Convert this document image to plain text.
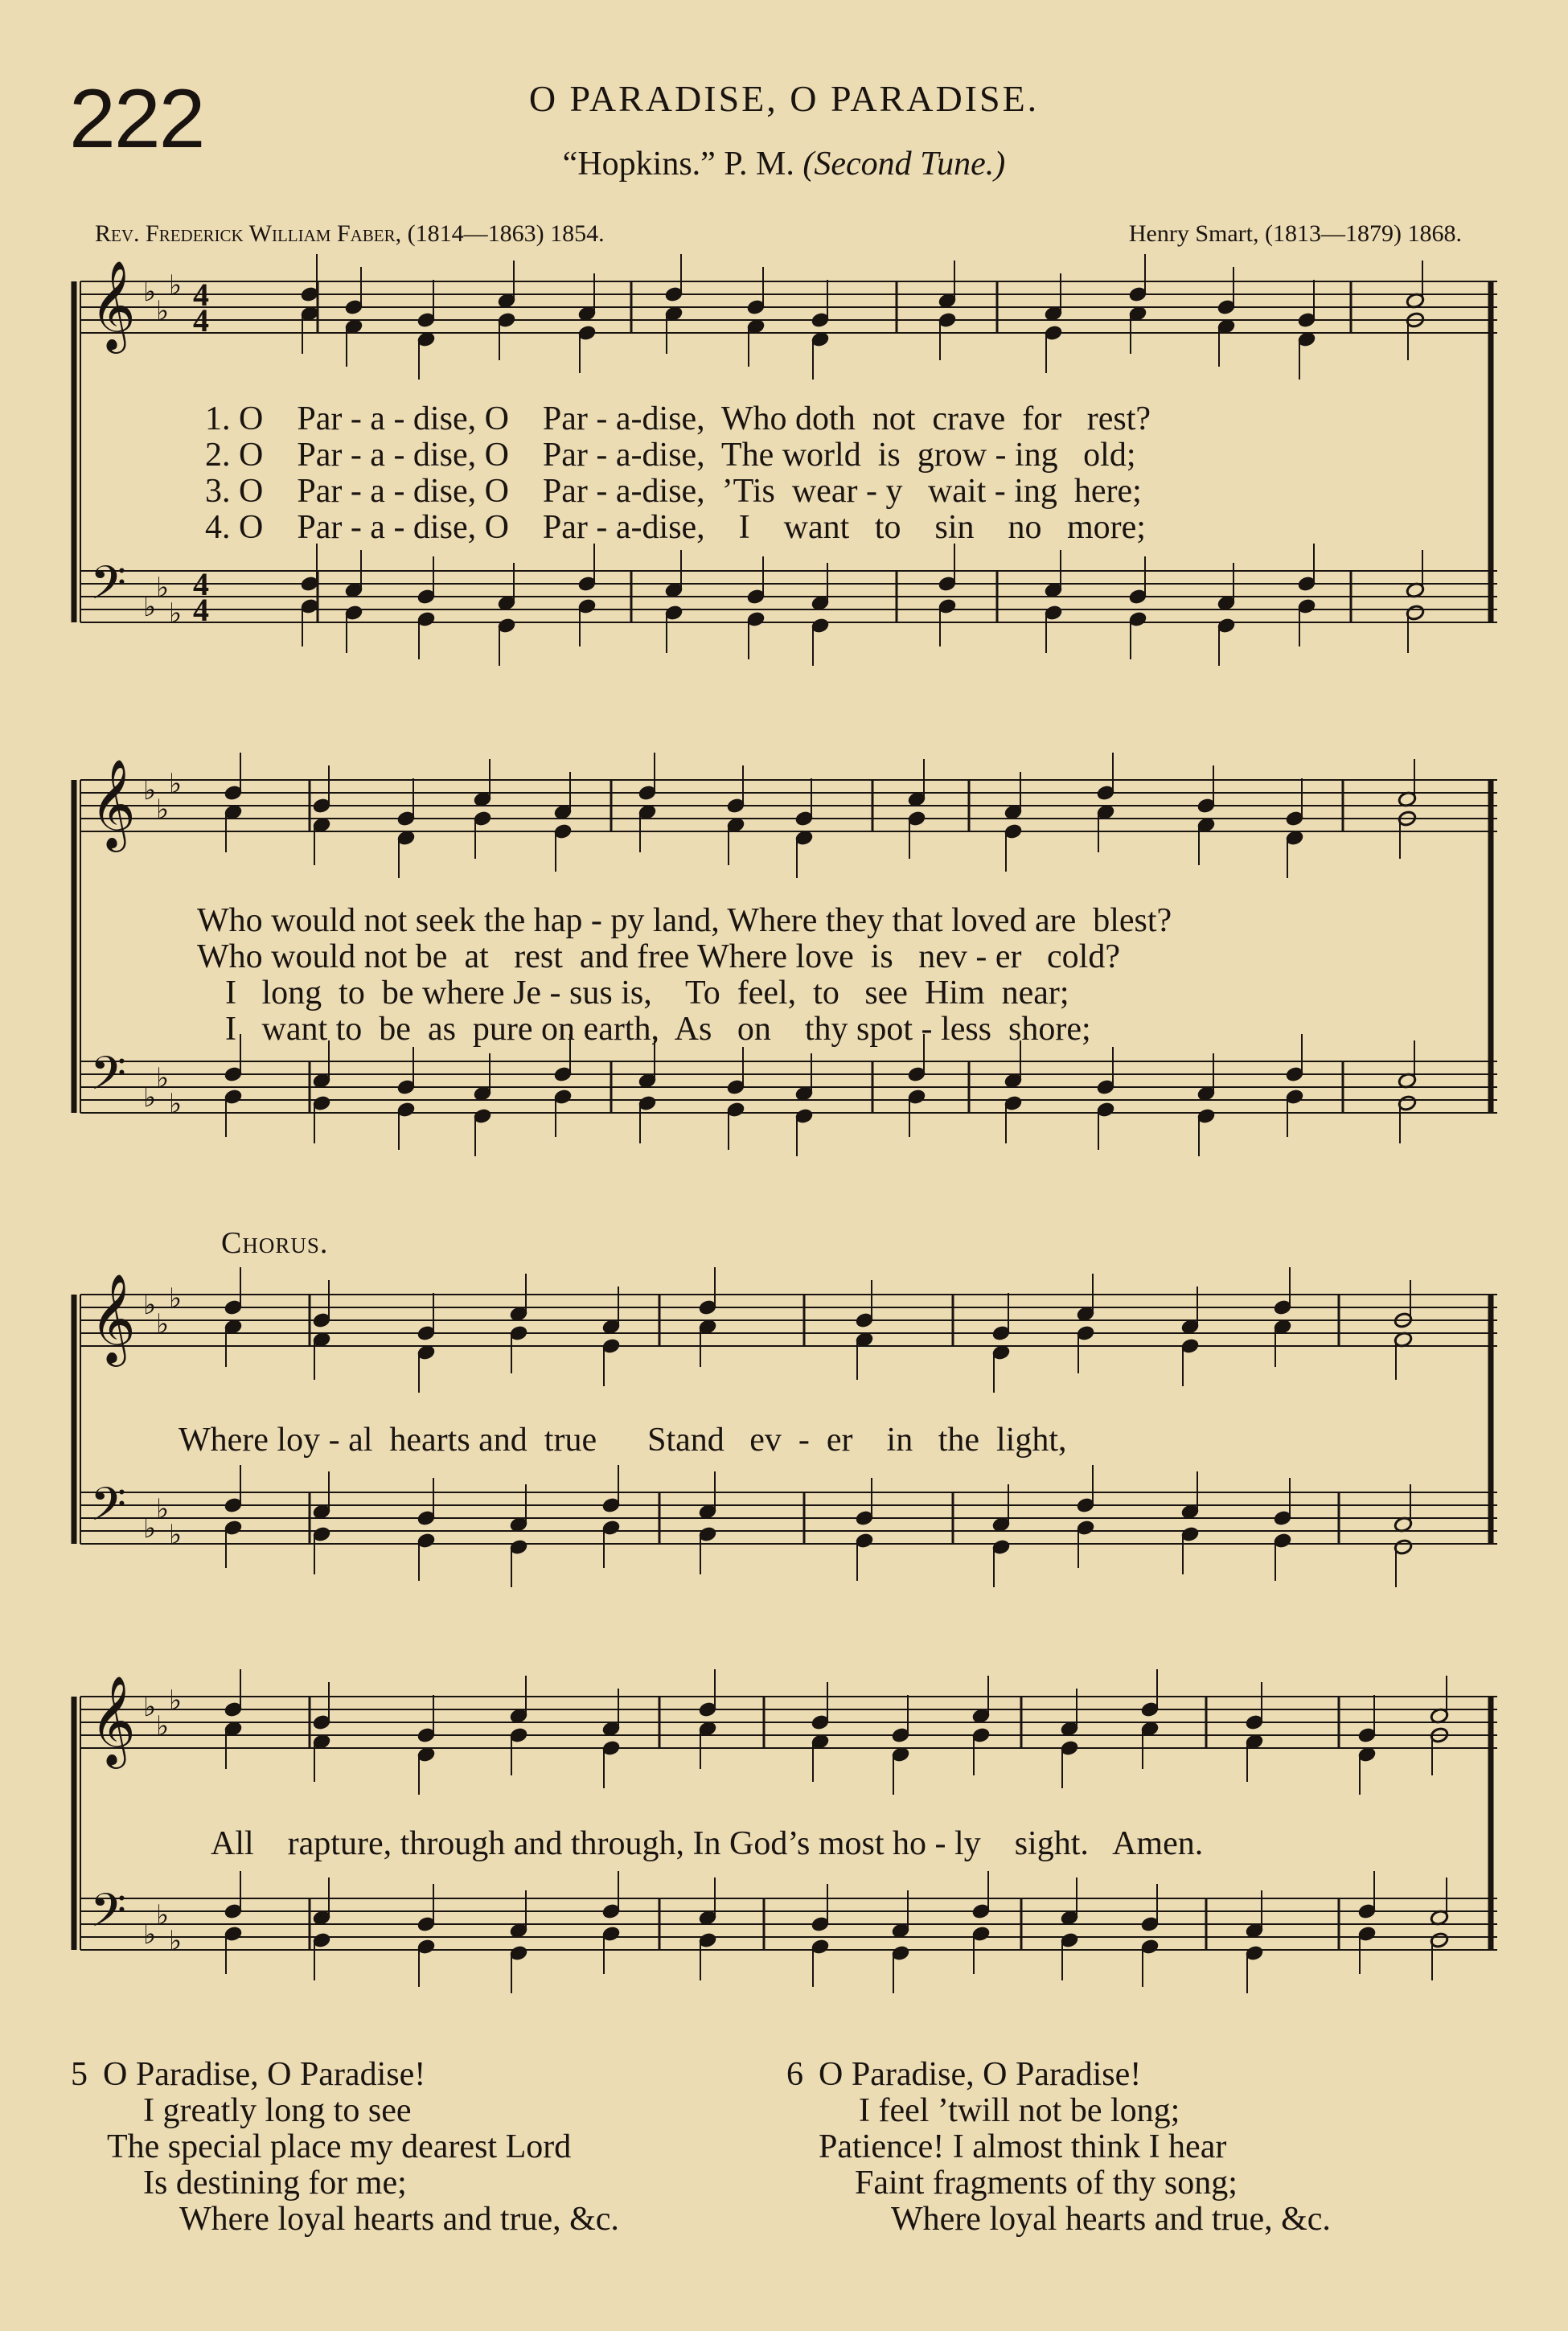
222	O PARADISE, O PARADISE.
“Hopkins.” P. M. (Second Tune.)
Rev. Frederick William Faber, (1814—1863) 1854.	Henry Smart, (1813—1879) 1868.
𝄞 ♭
♭
♭
𝄢 ♭
♭
♭
4
4
4
4
𝄞 ♭
♭
♭
𝄢 ♭
♭
♭
𝄞 ♭
♭
♭
𝄢 ♭
♭
♭
𝄞 ♭
♭
♭
𝄢 ♭
♭
♭
1. O    Par - a - dise, O    Par - a-dise,  Who doth  not  crave  for   rest?
2. O    Par - a - dise, O    Par - a-dise,  The world  is  grow - ing   old;
3. O    Par - a - dise, O    Par - a-dise,  ’Tis  wear - y   wait - ing  here;
4. O    Par - a - dise, O    Par - a-dise,    I    want   to    sin    no   more;
Who would not seek the hap - py land, Where they that loved are  blest?
Who would not be  at   rest  and free Where love  is   nev - er   cold?
I   long  to  be where Je - sus is,    To  feel,  to   see  Him  near;
I   want to  be  as  pure on earth,  As   on    thy spot - less  shore;
Chorus.
Where loy - al  hearts and  true      Stand   ev  -  er    in   the  light,
All    rapture, through and through, In God’s most ho - ly    sight.   Amen.
5 O Paradise, O Paradise!
I greatly long to see
The special place my dearest Lord
Is destining for me;
Where loyal hearts and true, &c.
6 O Paradise, O Paradise!
I feel ’twill not be long;
Patience! I almost think I hear
Faint fragments of thy song;
Where loyal hearts and true, &c.
